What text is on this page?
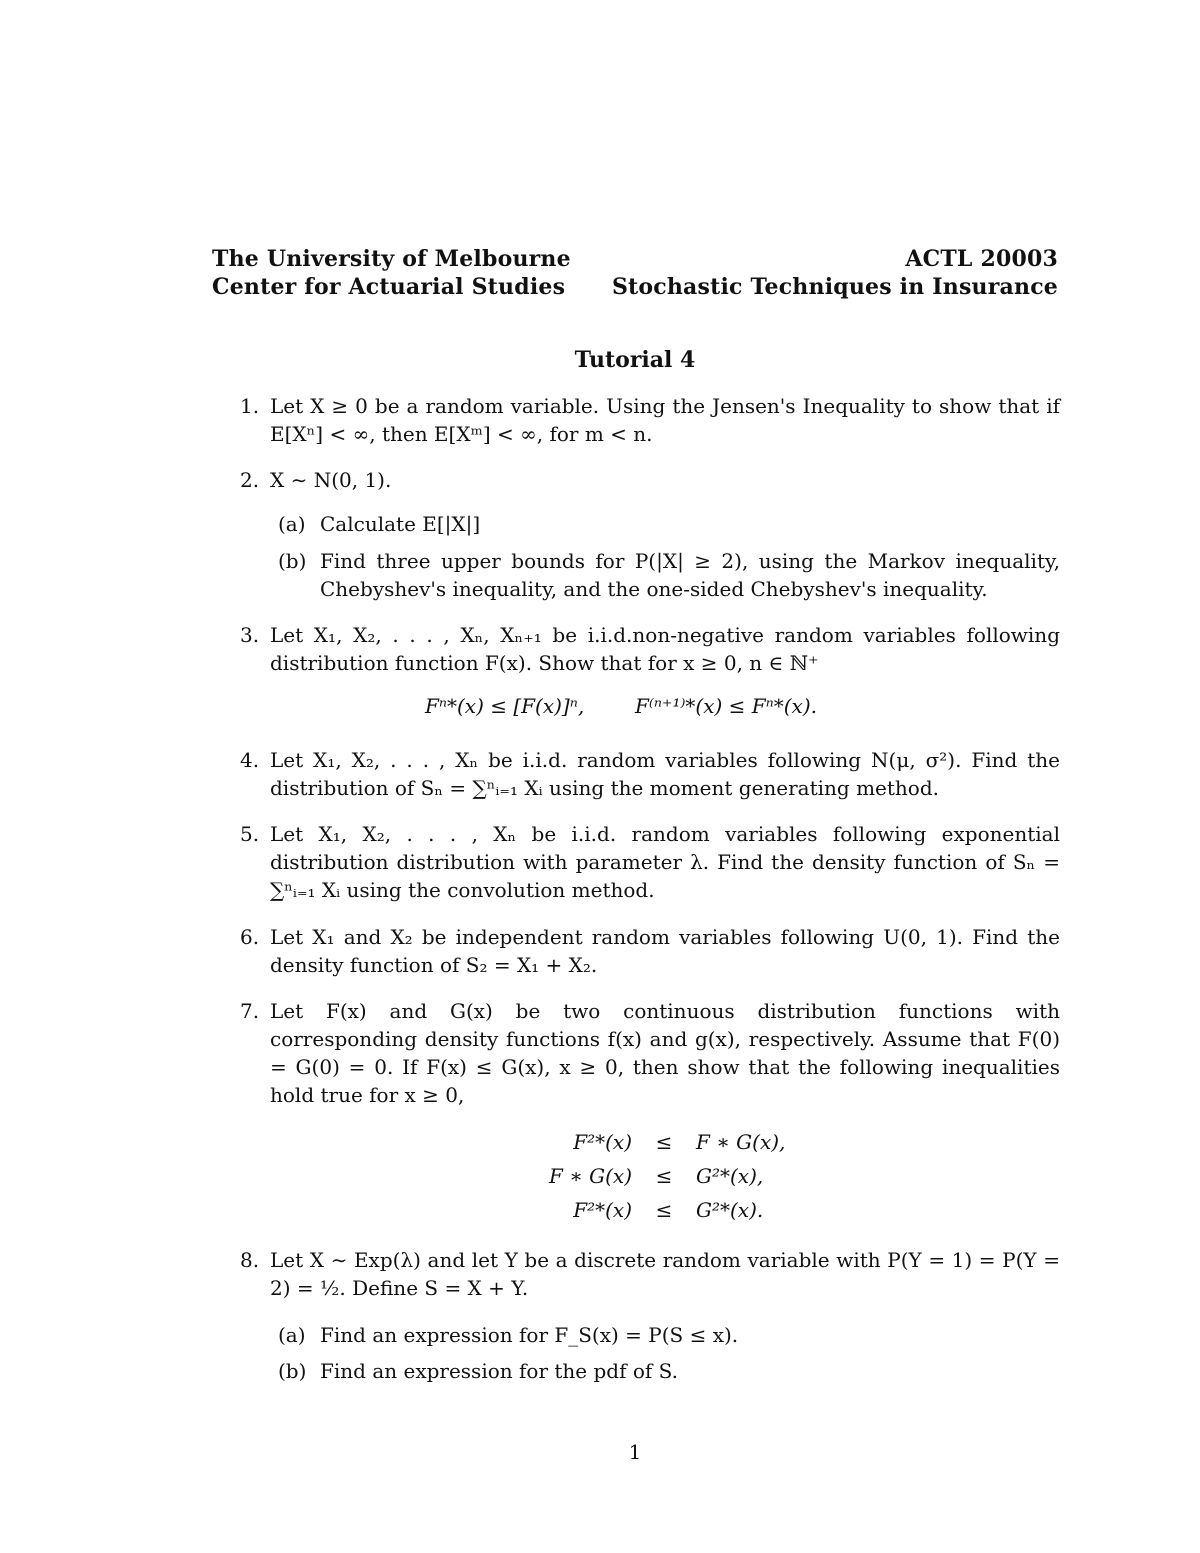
The University of Melbourne
Center for Actuarial Studies
ACTL 20003
Stochastic Techniques in Insurance
Tutorial 4
1. Let X ≥ 0 be a random variable. Using the Jensen's Inequality to show that if E[Xⁿ] < ∞, then E[Xᵐ] < ∞, for m < n.
2. X ∼ N(0, 1).
(a) Calculate E[|X|]
(b) Find three upper bounds for P(|X| ≥ 2), using the Markov inequality, Chebyshev's inequality, and the one-sided Chebyshev's inequality.
3. Let X₁, X₂, . . . , Xₙ, Xₙ₊₁ be i.i.d.non-negative random variables following distribution function F(x). Show that for x ≥ 0, n ∈ ℕ⁺
Fⁿ*(x) ≤ [F(x)]ⁿ,        F⁽ⁿ⁺¹⁾*(x) ≤ Fⁿ*(x).
4. Let X₁, X₂, . . . , Xₙ be i.i.d. random variables following N(μ, σ²). Find the distribution of Sₙ = ∑ⁿᵢ₌₁ Xᵢ using the moment generating method.
5. Let X₁, X₂, . . . , Xₙ be i.i.d. random variables following exponential distribution distribution with parameter λ. Find the density function of Sₙ = ∑ⁿᵢ₌₁ Xᵢ using the convolution method.
6. Let X₁ and X₂ be independent random variables following U(0, 1). Find the density function of S₂ = X₁ + X₂.
7. Let F(x) and G(x) be two continuous distribution functions with corresponding density functions f(x) and g(x), respectively. Assume that F(0) = G(0) = 0. If F(x) ≤ G(x), x ≥ 0, then show that the following inequalities hold true for x ≥ 0,
F²*(x)	≤	F ∗ G(x),
F ∗ G(x)	≤	G²*(x),
F²*(x)	≤	G²*(x).
8. Let X ∼ Exp(λ) and let Y be a discrete random variable with P(Y = 1) = P(Y = 2) = ½. Define S = X + Y.
(a) Find an expression for F_S(x) = P(S ≤ x).
(b) Find an expression for the pdf of S.
1
